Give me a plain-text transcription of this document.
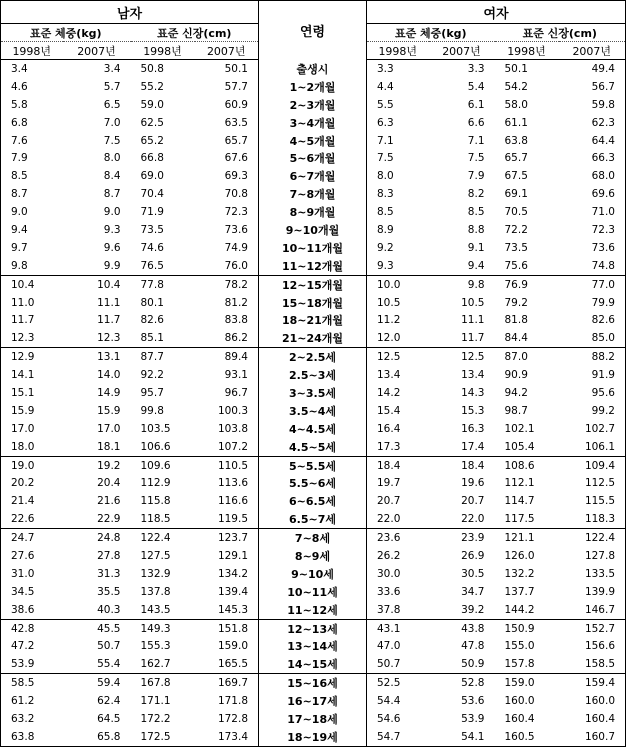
남자				연령	여자			
표준 체중(kg)		표준 신장(cm)			표준 체중(kg)		표준 신장(cm)	
1998년	2007년	1998년	2007년		1998년	2007년	1998년	2007년
3.4	3.4	50.8	50.1	출생시	3.3	3.3	50.1	49.4
4.6	5.7	55.2	57.7	1~2개월	4.4	5.4	54.2	56.7
5.8	6.5	59.0	60.9	2~3개월	5.5	6.1	58.0	59.8
6.8	7.0	62.5	63.5	3~4개월	6.3	6.6	61.1	62.3
7.6	7.5	65.2	65.7	4~5개월	7.1	7.1	63.8	64.4
7.9	8.0	66.8	67.6	5~6개월	7.5	7.5	65.7	66.3
8.5	8.4	69.0	69.3	6~7개월	8.0	7.9	67.5	68.0
8.7	8.7	70.4	70.8	7~8개월	8.3	8.2	69.1	69.6
9.0	9.0	71.9	72.3	8~9개월	8.5	8.5	70.5	71.0
9.4	9.3	73.5	73.6	9~10개월	8.9	8.8	72.2	72.3
9.7	9.6	74.6	74.9	10~11개월	9.2	9.1	73.5	73.6
9.8	9.9	76.5	76.0	11~12개월	9.3	9.4	75.6	74.8
10.4	10.4	77.8	78.2	12~15개월	10.0	9.8	76.9	77.0
11.0	11.1	80.1	81.2	15~18개월	10.5	10.5	79.2	79.9
11.7	11.7	82.6	83.8	18~21개월	11.2	11.1	81.8	82.6
12.3	12.3	85.1	86.2	21~24개월	12.0	11.7	84.4	85.0
12.9	13.1	87.7	89.4	2~2.5세	12.5	12.5	87.0	88.2
14.1	14.0	92.2	93.1	2.5~3세	13.4	13.4	90.9	91.9
15.1	14.9	95.7	96.7	3~3.5세	14.2	14.3	94.2	95.6
15.9	15.9	99.8	100.3	3.5~4세	15.4	15.3	98.7	99.2
17.0	17.0	103.5	103.8	4~4.5세	16.4	16.3	102.1	102.7
18.0	18.1	106.6	107.2	4.5~5세	17.3	17.4	105.4	106.1
19.0	19.2	109.6	110.5	5~5.5세	18.4	18.4	108.6	109.4
20.2	20.4	112.9	113.6	5.5~6세	19.7	19.6	112.1	112.5
21.4	21.6	115.8	116.6	6~6.5세	20.7	20.7	114.7	115.5
22.6	22.9	118.5	119.5	6.5~7세	22.0	22.0	117.5	118.3
24.7	24.8	122.4	123.7	7~8세	23.6	23.9	121.1	122.4
27.6	27.8	127.5	129.1	8~9세	26.2	26.9	126.0	127.8
31.0	31.3	132.9	134.2	9~10세	30.0	30.5	132.2	133.5
34.5	35.5	137.8	139.4	10~11세	33.6	34.7	137.7	139.9
38.6	40.3	143.5	145.3	11~12세	37.8	39.2	144.2	146.7
42.8	45.5	149.3	151.8	12~13세	43.1	43.8	150.9	152.7
47.2	50.7	155.3	159.0	13~14세	47.0	47.8	155.0	156.6
53.9	55.4	162.7	165.5	14~15세	50.7	50.9	157.8	158.5
58.5	59.4	167.8	169.7	15~16세	52.5	52.8	159.0	159.4
61.2	62.4	171.1	171.8	16~17세	54.4	53.6	160.0	160.0
63.2	64.5	172.2	172.8	17~18세	54.6	53.9	160.4	160.4
63.8	65.8	172.5	173.4	18~19세	54.7	54.1	160.5	160.7
